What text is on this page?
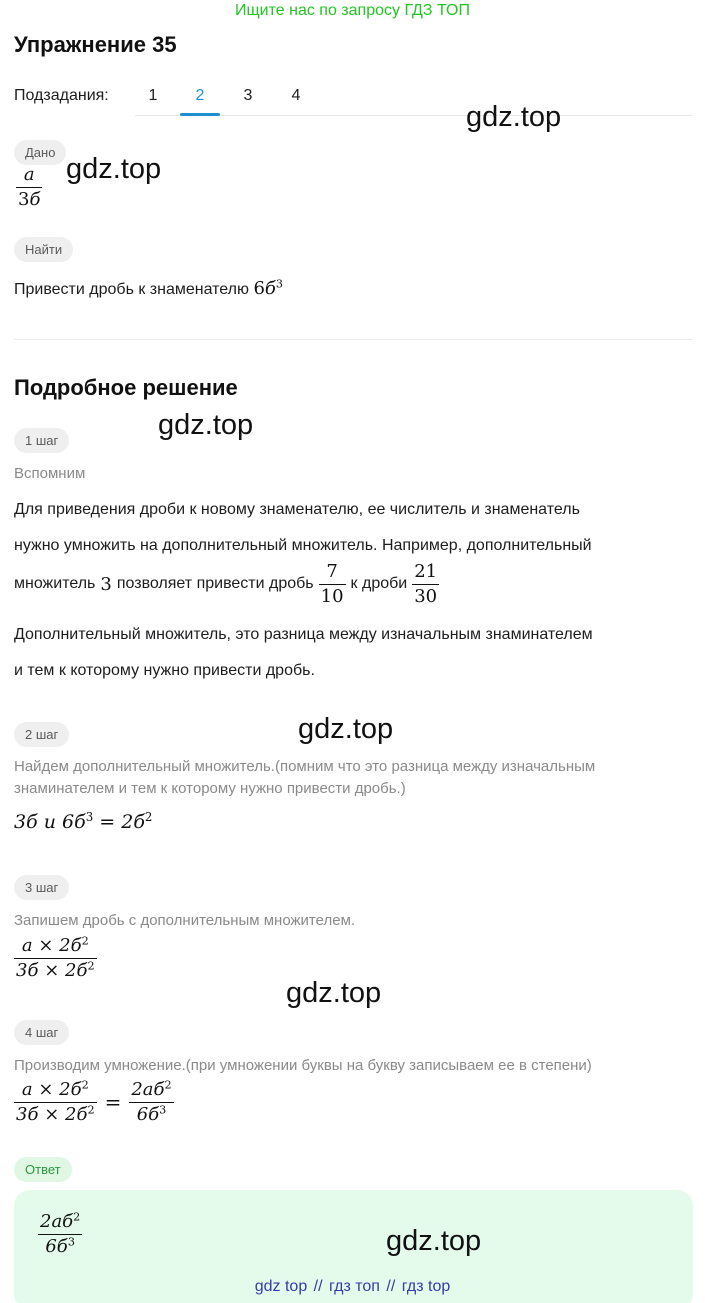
Ищите нас по запросу ГДЗ ТОП
Упражнение 35
Подзадания:	1	2	3	4
gdz.top
Дано
$\frac{a}{3б} gdz.top$
Найти
Привести дробь к знаменателю $6б^3$
Подробное решение
1 шаг	gdz.top
Вспомним
Для приведения дроби к новому знаменателю, ее числитель и знаменатель
нужно умножить на дополнительный множитель. Например, дополнительный
множитель 3 позволяет привести дробь $\frac{7}{10}$ к дроби $\frac{21}{30}$
Дополнительный множитель, это разница между изначальным знаминателем
и тем к которому нужно привести дробь.
2 шаг	gdz.top
Найдем дополнительный множитель.(помним что это разница между изначальным
знаминателем и тем к которому нужно привести дробь.)
3б и $6б^3 = 2б^2$
3 шаг
Запишем дробь с дополнительным множителем.
$\frac{a \times 2б^2}{3б \times 2б^2}$
gdz.top
4 шаг
Производим умножение.(при умножении буквы на букву записываем ее в степени)
$\frac{a \times 2б^2}{3б \times 2б^2} = \frac{2aб^2}{6б^3}$
Ответ
$\frac{2aб^2}{6б^3}$	gdz.top
gdz top // гдз топ // гдз top
